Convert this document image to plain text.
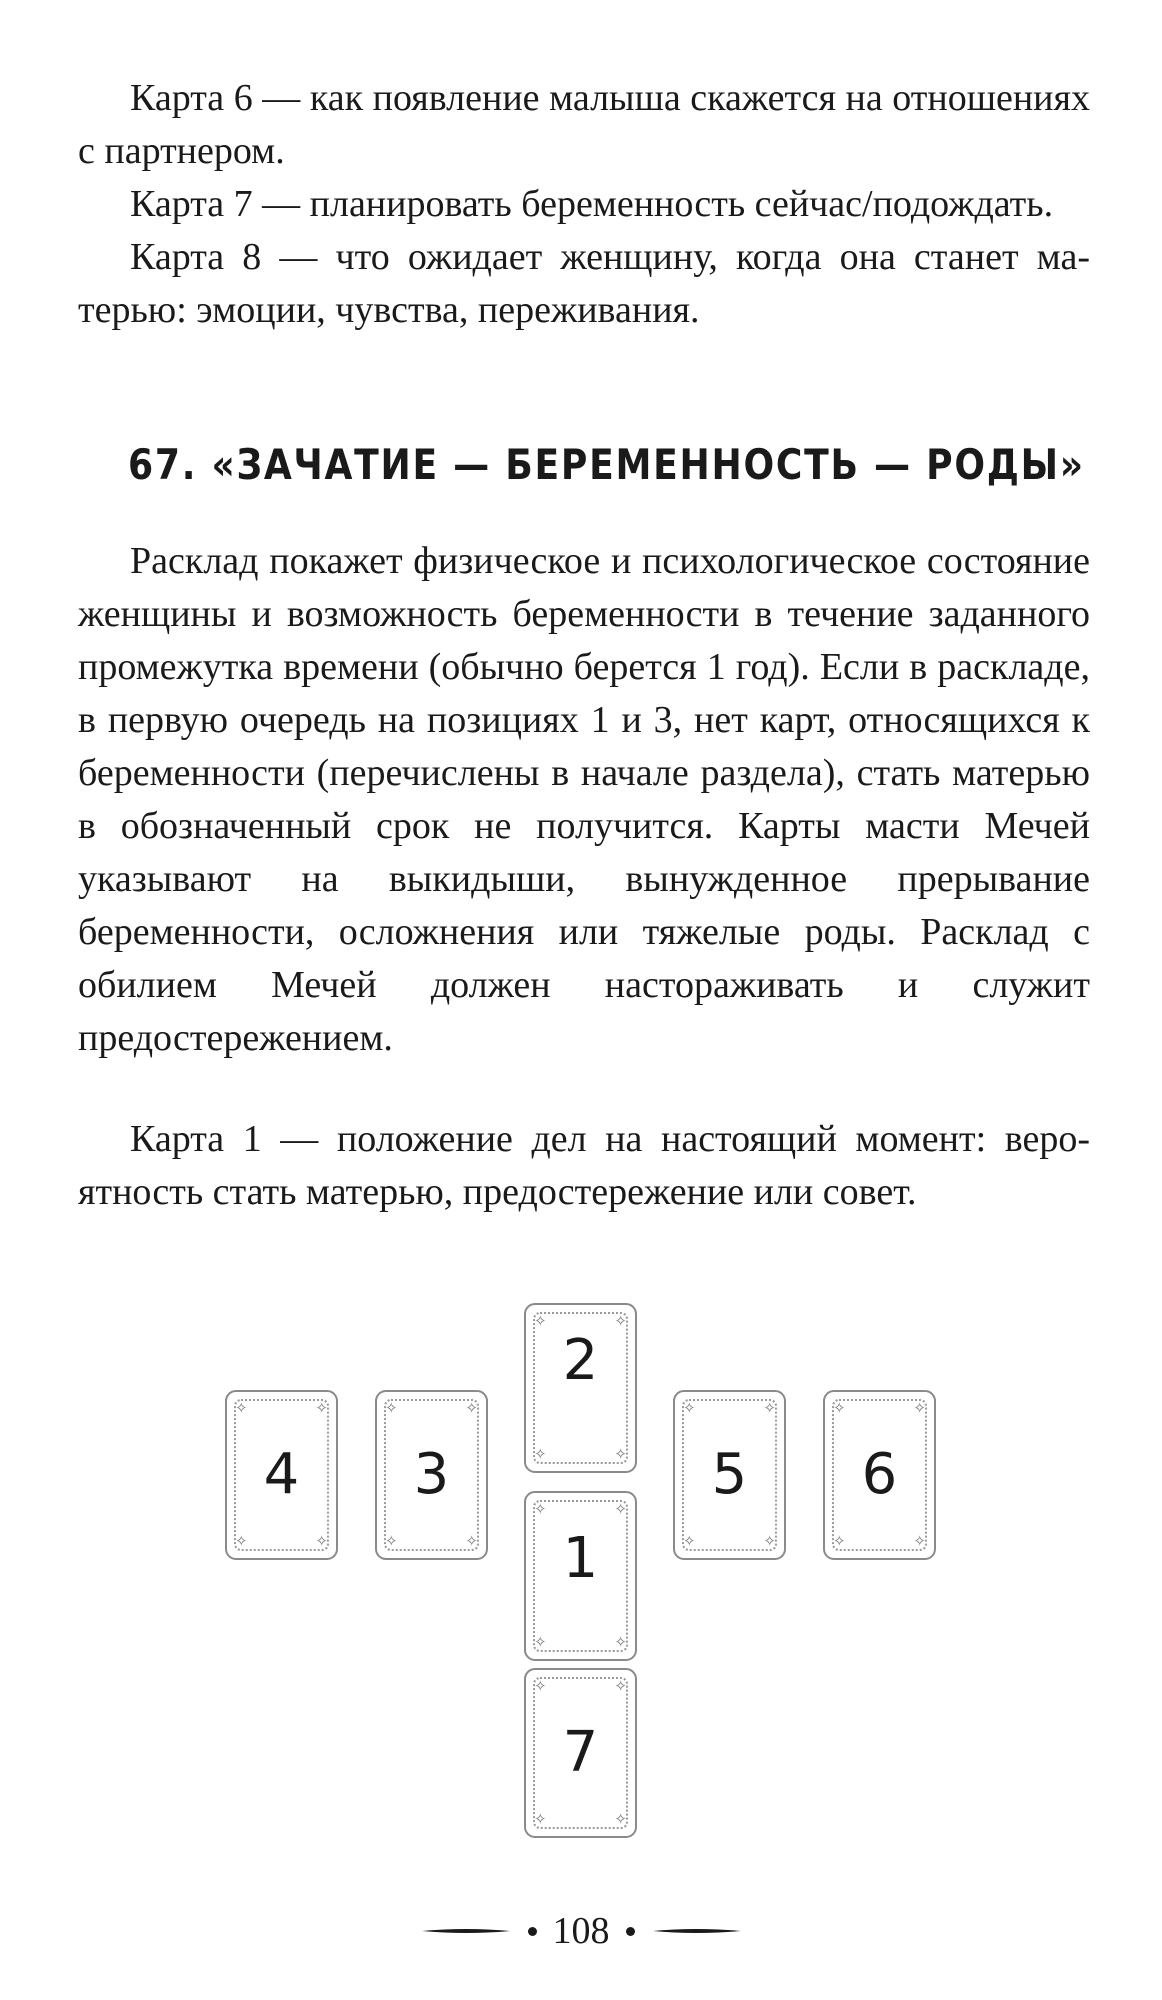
Карта 6 — как появление малыша скажется на отношениях с партнером.

Карта 7 — планировать беременность сейчас/подождать.

Карта 8 — что ожидает женщину, когда она станет матерью: эмоции, чувства, переживания.

67. «ЗАЧАТИЕ — БЕРЕМЕННОСТЬ — РОДЫ»

Расклад покажет физическое и психологическое состояние женщины и возможность беременности в течение заданного промежутка времени (обычно берется 1 год). Если в раскладе, в первую очередь на позициях 1 и 3, нет карт, относящихся к беременности (перечислены в начале раздела), стать матерью в обозначенный срок не получится. Карты масти Мечей указывают на выкидыши, вынужденное прерывание беременности, осложнения или тяжелые роды. Расклад с обилием Мечей должен настораживать и служит предостережением.

Карта 1 — положение дел на настоящий момент: вероятность стать матерью, предостережение или совет.

✧	✧
✧	✧
4
✧	✧
✧	✧
3
✧	✧
✧	✧
2
✧	✧
✧	✧
1
✧	✧
✧	✧
7
✧	✧
✧	✧
5
✧	✧
✧	✧
6
108
